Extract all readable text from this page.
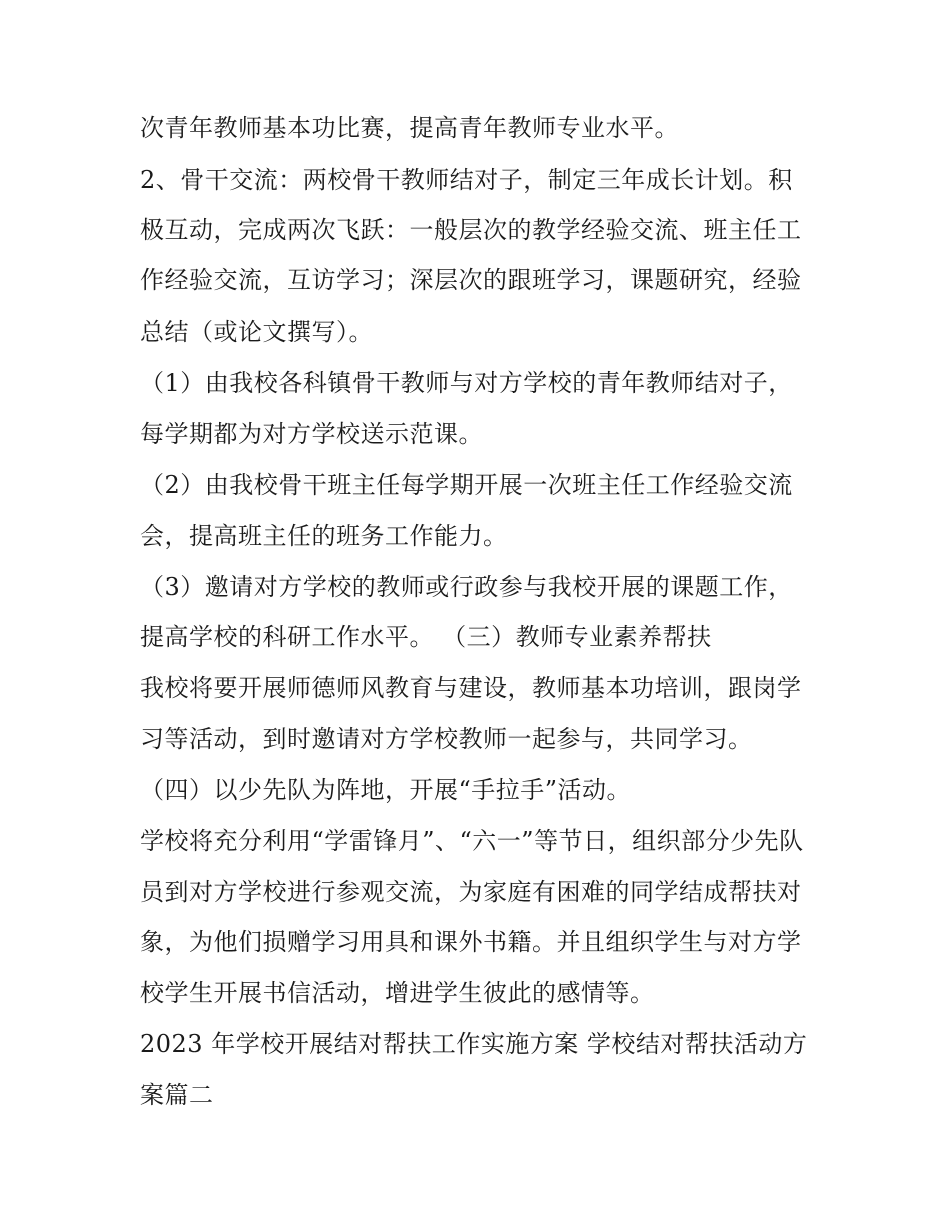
次青年教师基本功比赛，提高青年教师专业水平。
2、骨干交流：两校骨干教师结对子，制定三年成长计划。积
极互动，完成两次飞跃：一般层次的教学经验交流、班主任工
作经验交流，互访学习；深层次的跟班学习，课题研究，经验
总结（或论文撰写）。
（1）由我校各科镇骨干教师与对方学校的青年教师结对子，
每学期都为对方学校送示范课。
（2）由我校骨干班主任每学期开展一次班主任工作经验交流
会，提高班主任的班务工作能力。
（3）邀请对方学校的教师或行政参与我校开展的课题工作，
提高学校的科研工作水平。 （三）教师专业素养帮扶
我校将要开展师德师风教育与建设，教师基本功培训，跟岗学
习等活动，到时邀请对方学校教师一起参与，共同学习。
（四）以少先队为阵地，开展“手拉手”活动。
学校将充分利用“学雷锋月”、“六一”等节日，组织部分少先队
员到对方学校进行参观交流，为家庭有困难的同学结成帮扶对
象，为他们损赠学习用具和课外书籍。并且组织学生与对方学
校学生开展书信活动，增进学生彼此的感情等。
2023 年学校开展结对帮扶工作实施方案 学校结对帮扶活动方
案篇二
